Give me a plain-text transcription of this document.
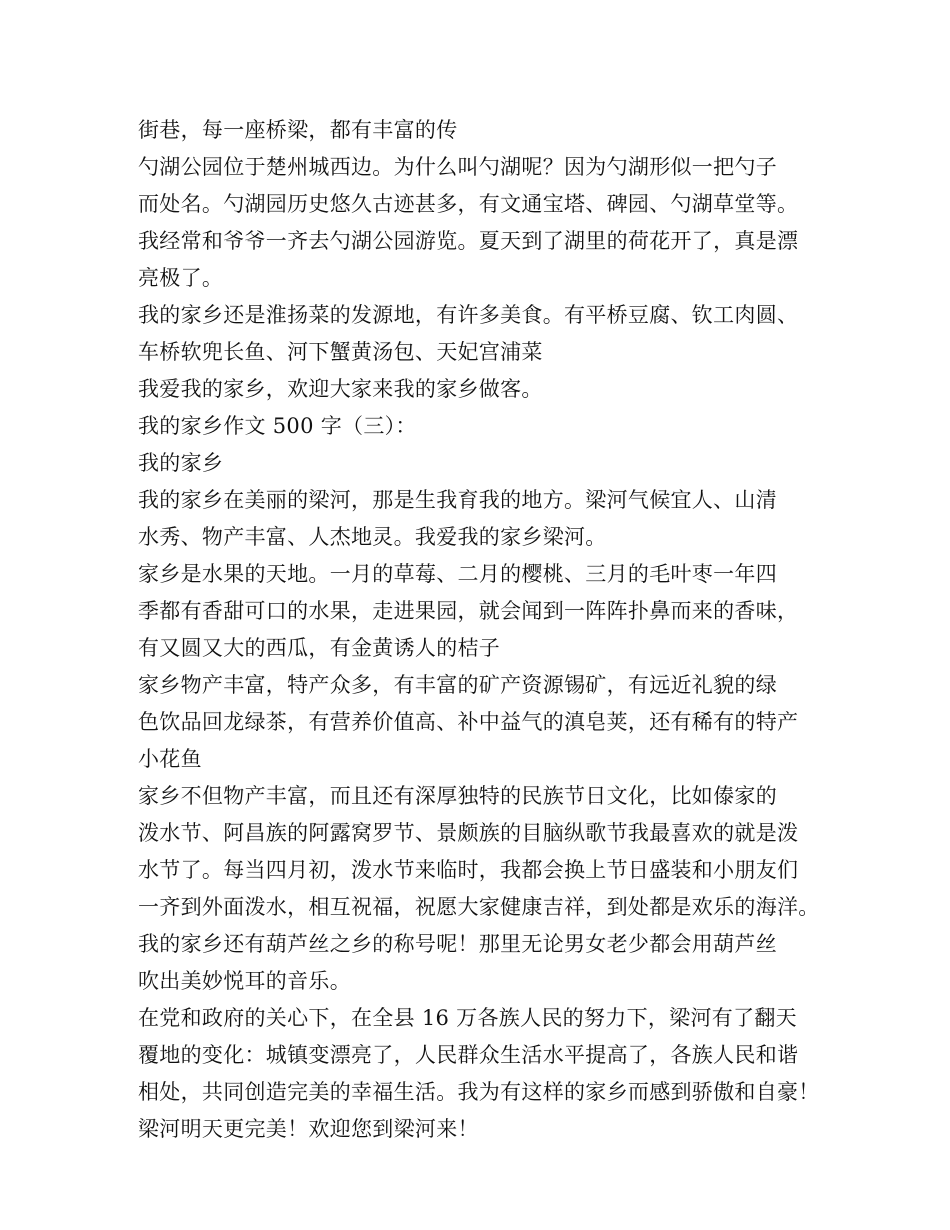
街巷，每一座桥梁，都有丰富的传
勺湖公园位于楚州城西边。为什么叫勺湖呢？因为勺湖形似一把勺子
而处名。勺湖园历史悠久古迹甚多，有文通宝塔、碑园、勺湖草堂等。
我经常和爷爷一齐去勺湖公园游览。夏天到了湖里的荷花开了，真是漂
亮极了。
我的家乡还是淮扬菜的发源地，有许多美食。有平桥豆腐、钦工肉圆、
车桥软兜长鱼、河下蟹黄汤包、天妃宫浦菜
我爱我的家乡，欢迎大家来我的家乡做客。
我的家乡作文 500 字（三）：
我的家乡
我的家乡在美丽的梁河，那是生我育我的地方。梁河气候宜人、山清
水秀、物产丰富、人杰地灵。我爱我的家乡梁河。
家乡是水果的天地。一月的草莓、二月的樱桃、三月的毛叶枣一年四
季都有香甜可口的水果，走进果园，就会闻到一阵阵扑鼻而来的香味，
有又圆又大的西瓜，有金黄诱人的桔子
家乡物产丰富，特产众多，有丰富的矿产资源锡矿，有远近礼貌的绿
色饮品回龙绿茶，有营养价值高、补中益气的滇皂荚，还有稀有的特产
小花鱼
家乡不但物产丰富，而且还有深厚独特的民族节日文化，比如傣家的
泼水节、阿昌族的阿露窝罗节、景颇族的目脑纵歌节我最喜欢的就是泼
水节了。每当四月初，泼水节来临时，我都会换上节日盛装和小朋友们
一齐到外面泼水，相互祝福，祝愿大家健康吉祥，到处都是欢乐的海洋。
我的家乡还有葫芦丝之乡的称号呢！那里无论男女老少都会用葫芦丝
吹出美妙悦耳的音乐。
在党和政府的关心下，在全县 16 万各族人民的努力下，梁河有了翻天
覆地的变化：城镇变漂亮了，人民群众生活水平提高了，各族人民和谐
相处，共同创造完美的幸福生活。我为有这样的家乡而感到骄傲和自豪！
梁河明天更完美！欢迎您到梁河来！
